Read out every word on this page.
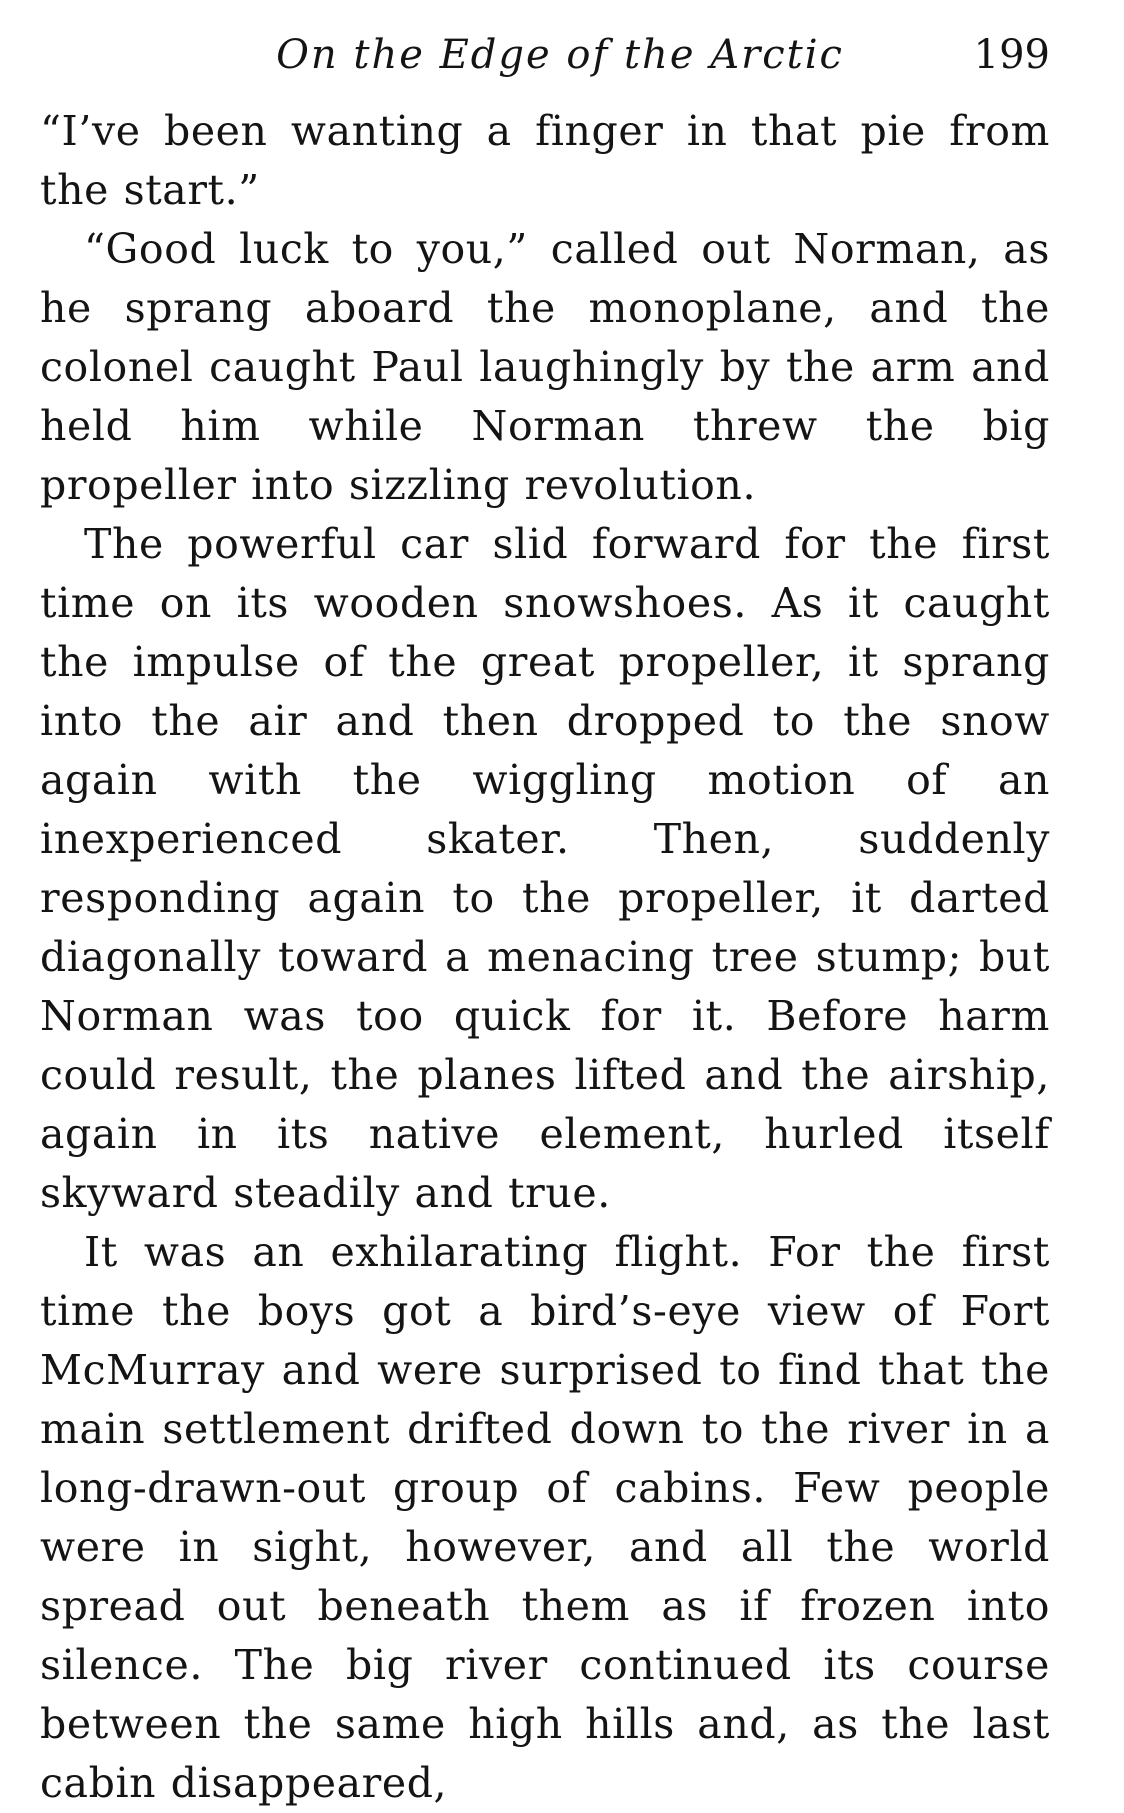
On the Edge of the Arctic	199

“I’ve been wanting a finger in that pie from the start.”

“Good luck to you,” called out Norman, as he sprang aboard the monoplane, and the colonel caught Paul laughingly by the arm and held him while Norman threw the big propeller into sizzling revolution.

The powerful car slid forward for the first time on its wooden snowshoes. As it caught the impulse of the great propeller, it sprang into the air and then dropped to the snow again with the wiggling motion of an inexperienced skater. Then, suddenly responding again to the propeller, it darted diagonally toward a menacing tree stump; but Norman was too quick for it. Before harm could result, the planes lifted and the airship, again in its native element, hurled itself skyward steadily and true.

It was an exhilarating flight. For the first time the boys got a bird’s-eye view of Fort McMurray and were surprised to find that the main settlement drifted down to the river in a long-drawn-out group of cabins. Few people were in sight, however, and all the world spread out beneath them as if frozen into silence. The big river continued its course between the same high hills and, as the last cabin disappeared,
